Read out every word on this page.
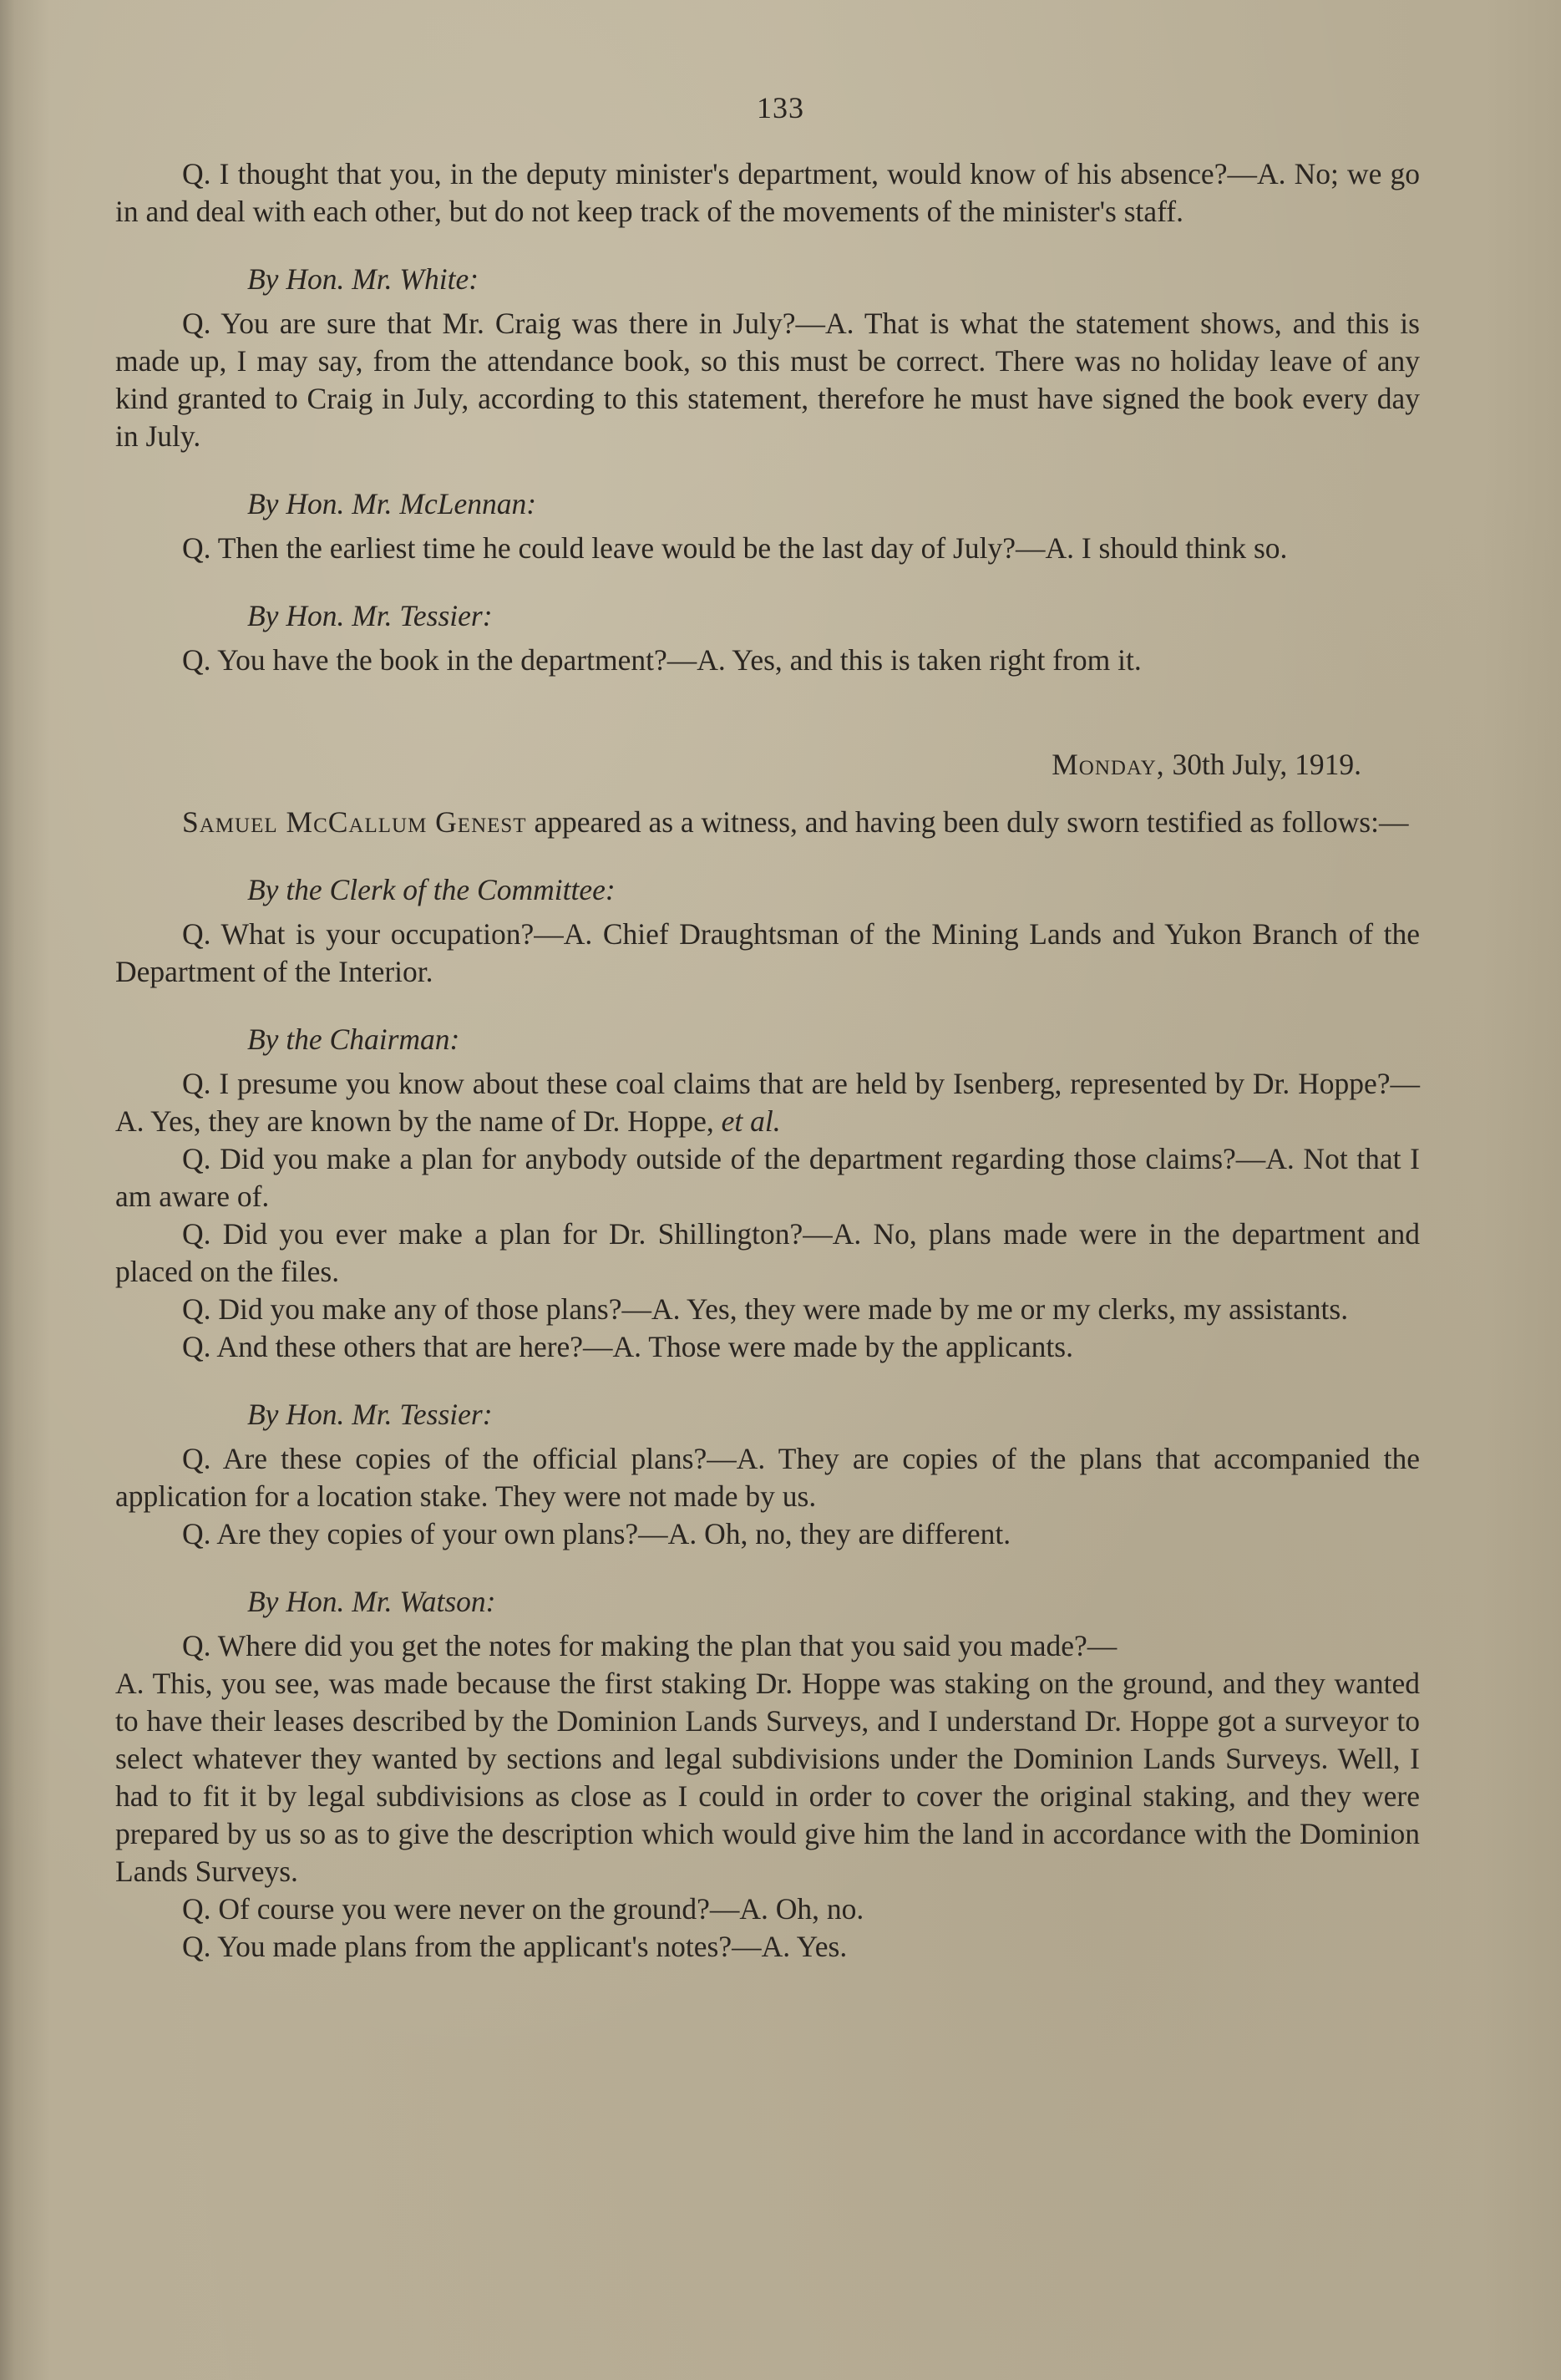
133

Q. I thought that you, in the deputy minister's department, would know of his absence?—A. No; we go in and deal with each other, but do not keep track of the movements of the minister's staff.

By Hon. Mr. White:

Q. You are sure that Mr. Craig was there in July?—A. That is what the statement shows, and this is made up, I may say, from the attendance book, so this must be correct. There was no holiday leave of any kind granted to Craig in July, according to this statement, therefore he must have signed the book every day in July.

By Hon. Mr. McLennan:

Q. Then the earliest time he could leave would be the last day of July?—A. I should think so.

By Hon. Mr. Tessier:

Q. You have the book in the department?—A. Yes, and this is taken right from it.

Monday, 30th July, 1919.

Samuel McCallum Genest appeared as a witness, and having been duly sworn testified as follows:—

By the Clerk of the Committee:

Q. What is your occupation?—A. Chief Draughtsman of the Mining Lands and Yukon Branch of the Department of the Interior.

By the Chairman:

Q. I presume you know about these coal claims that are held by Isenberg, represented by Dr. Hoppe?—A. Yes, they are known by the name of Dr. Hoppe, et al.

Q. Did you make a plan for anybody outside of the department regarding those claims?—A. Not that I am aware of.

Q. Did you ever make a plan for Dr. Shillington?—A. No, plans made were in the department and placed on the files.

Q. Did you make any of those plans?—A. Yes, they were made by me or my clerks, my assistants.

Q. And these others that are here?—A. Those were made by the applicants.

By Hon. Mr. Tessier:

Q. Are these copies of the official plans?—A. They are copies of the plans that accompanied the application for a location stake. They were not made by us.

Q. Are they copies of your own plans?—A. Oh, no, they are different.

By Hon. Mr. Watson:

Q. Where did you get the notes for making the plan that you said you made?—

A. This, you see, was made because the first staking Dr. Hoppe was staking on the ground, and they wanted to have their leases described by the Dominion Lands Surveys, and I understand Dr. Hoppe got a surveyor to select whatever they wanted by sections and legal subdivisions under the Dominion Lands Surveys. Well, I had to fit it by legal subdivisions as close as I could in order to cover the original staking, and they were prepared by us so as to give the description which would give him the land in accordance with the Dominion Lands Surveys.

Q. Of course you were never on the ground?—A. Oh, no.

Q. You made plans from the applicant's notes?—A. Yes.
